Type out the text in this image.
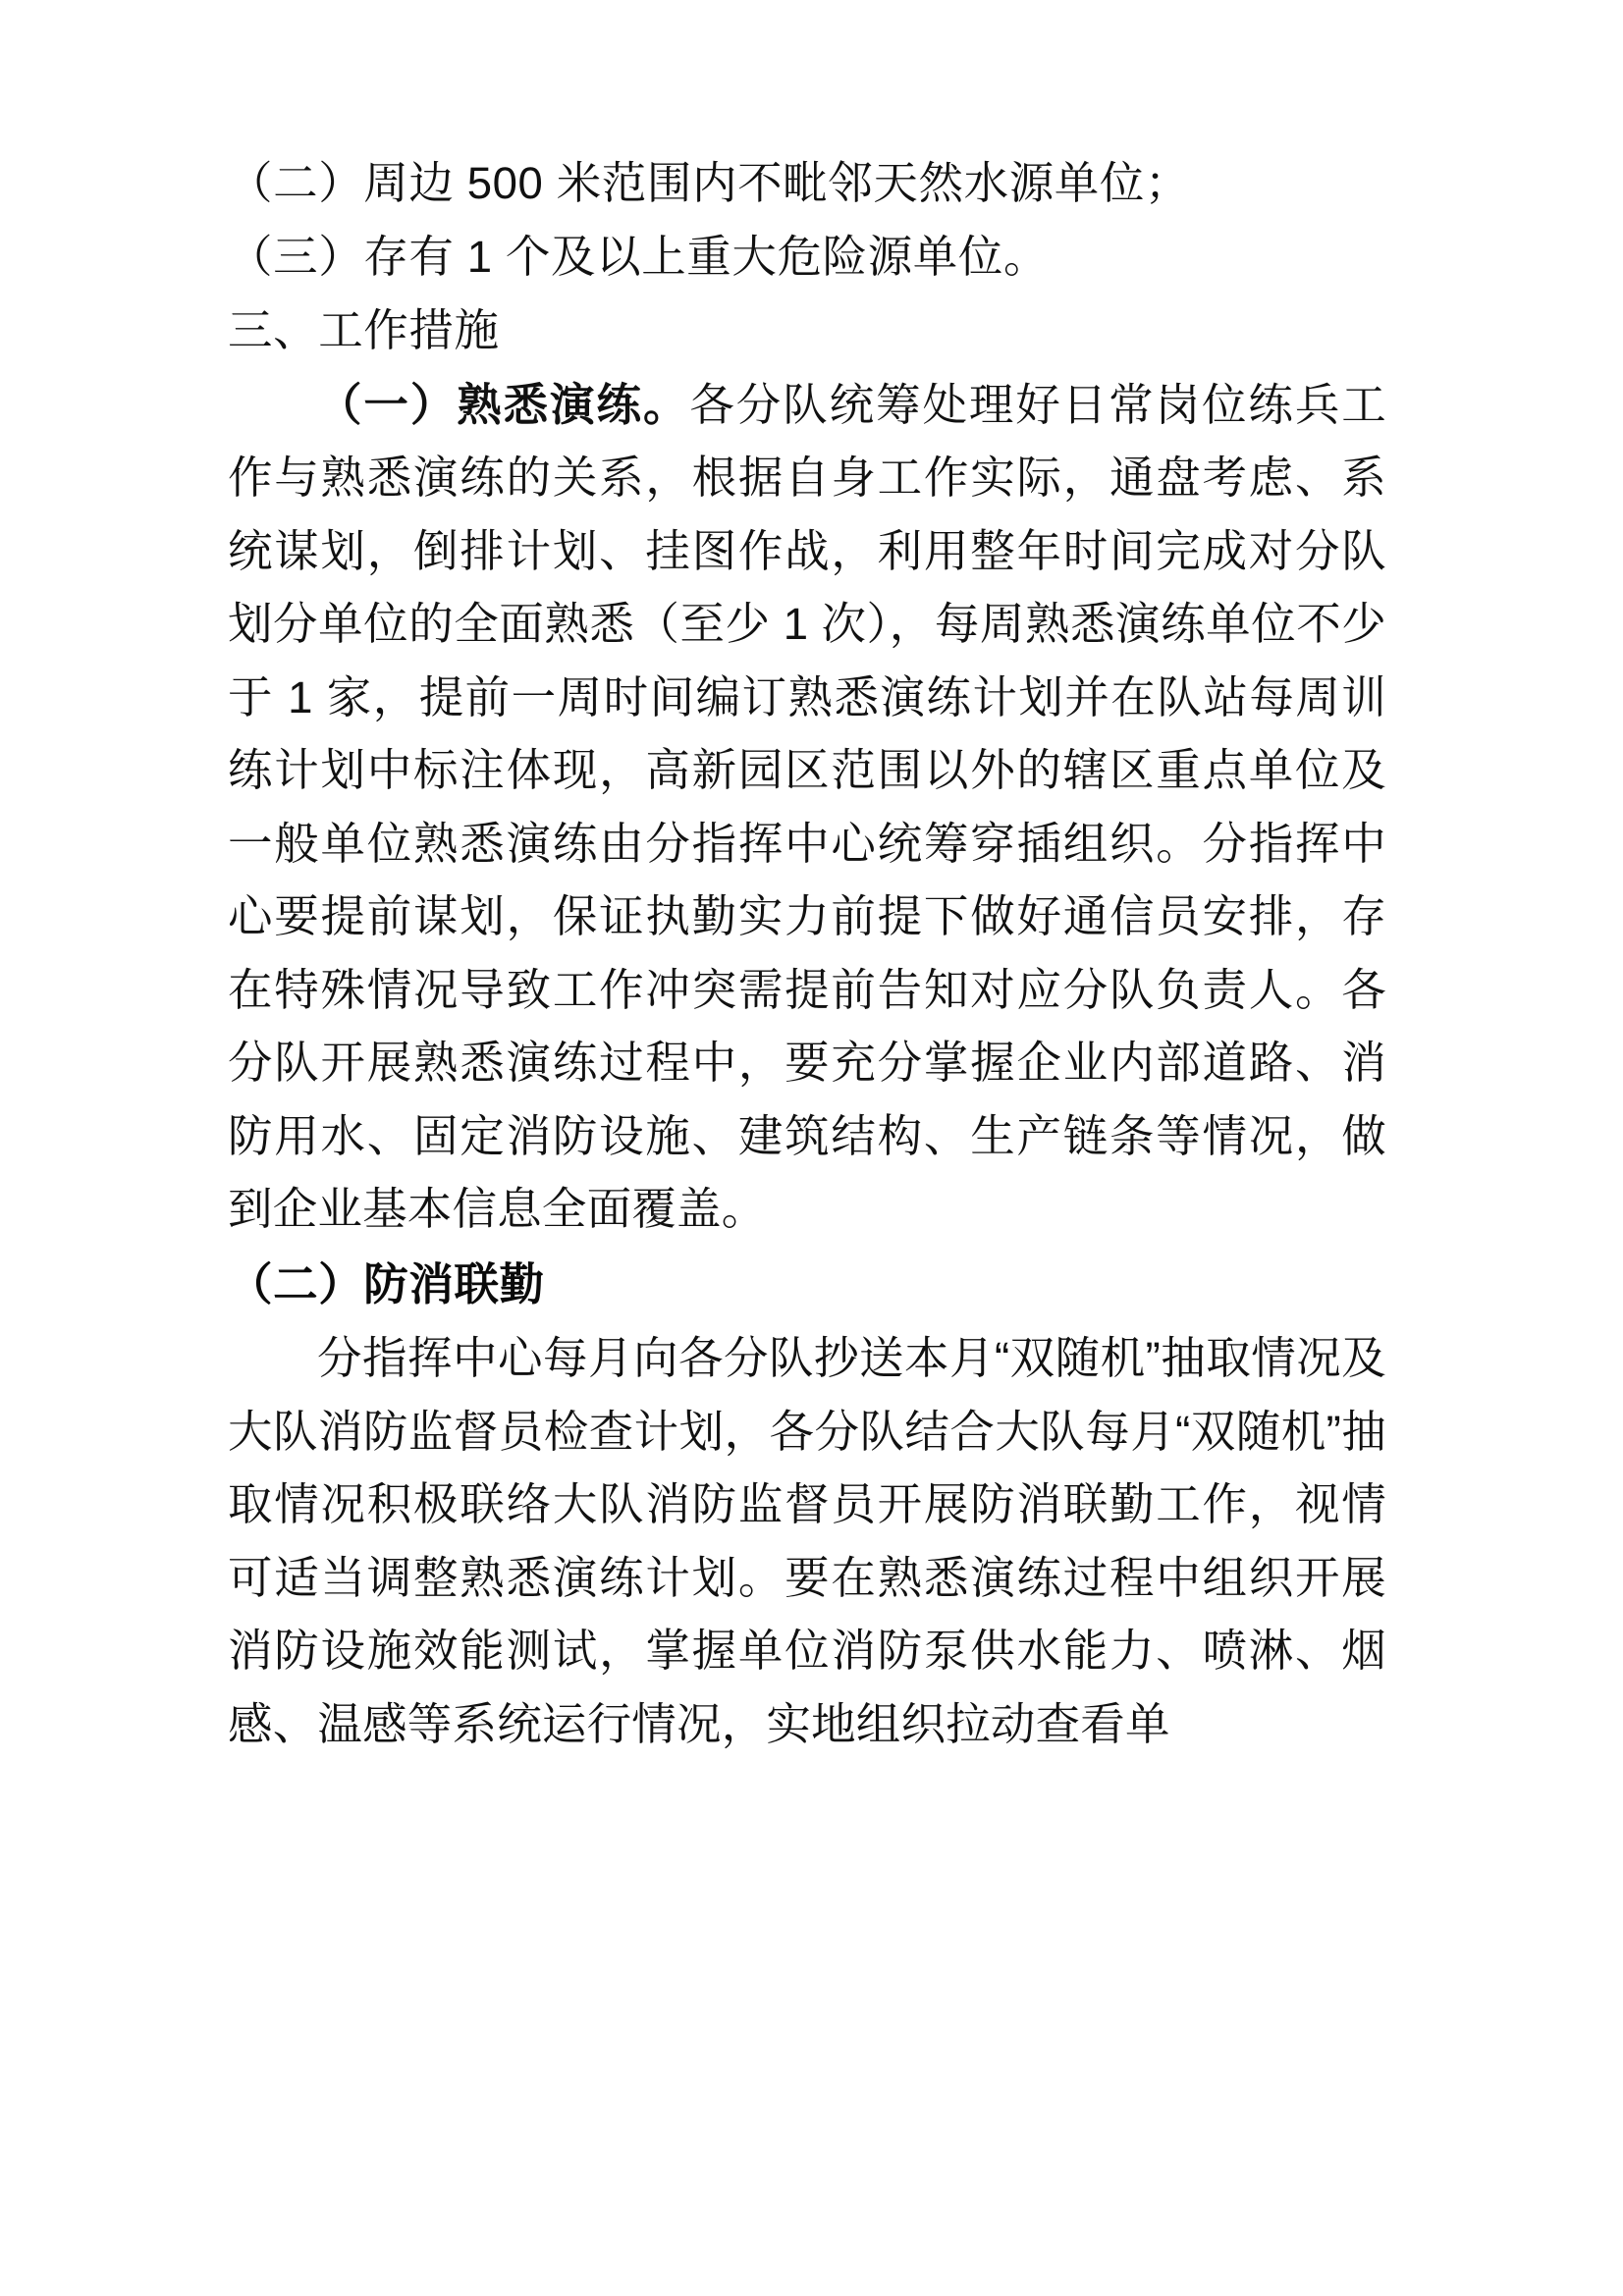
（二）周边 500 米范围内不毗邻天然水源单位；
（三）存有 1 个及以上重大危险源单位。
三、工作措施

（一）熟悉演练。各分队统筹处理好日常岗位练兵工作与熟悉演练的关系，根据自身工作实际，通盘考虑、系统谋划，倒排计划、挂图作战，利用整年时间完成对分队划分单位的全面熟悉（至少 1 次），每周熟悉演练单位不少于 1 家，提前一周时间编订熟悉演练计划并在队站每周训练计划中标注体现，高新园区范围以外的辖区重点单位及一般单位熟悉演练由分指挥中心统筹穿插组织。分指挥中心要提前谋划，保证执勤实力前提下做好通信员安排，存在特殊情况导致工作冲突需提前告知对应分队负责人。各分队开展熟悉演练过程中，要充分掌握企业内部道路、消防用水、固定消防设施、建筑结构、生产链条等情况，做到企业基本信息全面覆盖。

（二）防消联勤

分指挥中心每月向各分队抄送本月“双随机”抽取情况及大队消防监督员检查计划，各分队结合大队每月“双随机”抽取情况积极联络大队消防监督员开展防消联勤工作，视情可适当调整熟悉演练计划。要在熟悉演练过程中组织开展消防设施效能测试，掌握单位消防泵供水能力、喷淋、烟感、温感等系统运行情况，实地组织拉动查看单
